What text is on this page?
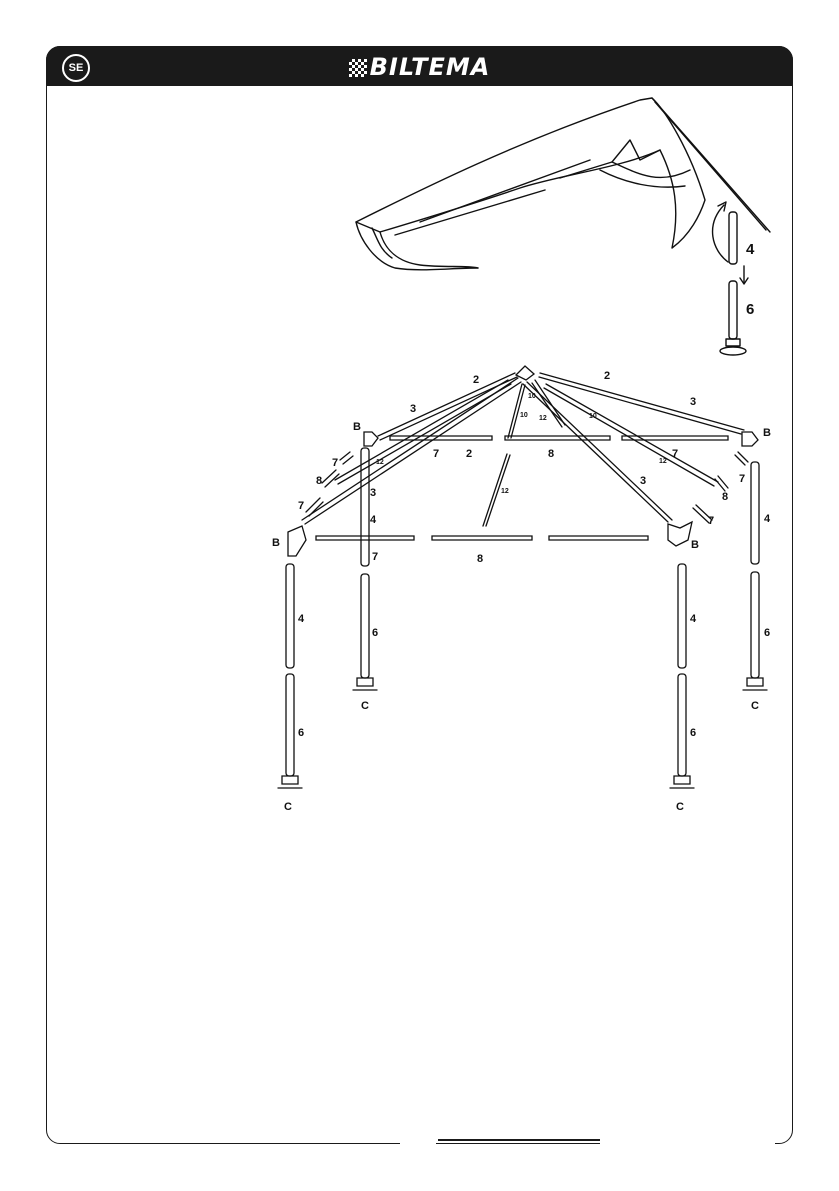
SE	BILTEMA
4
6
2	2
2
3
3
3
3
10
10	10
12
12	12
12
7	7
7
7
7
7
7
8
8
8
8
4
4	4
4
6
6	6
6
B	B
B	B
C	C
C	C
